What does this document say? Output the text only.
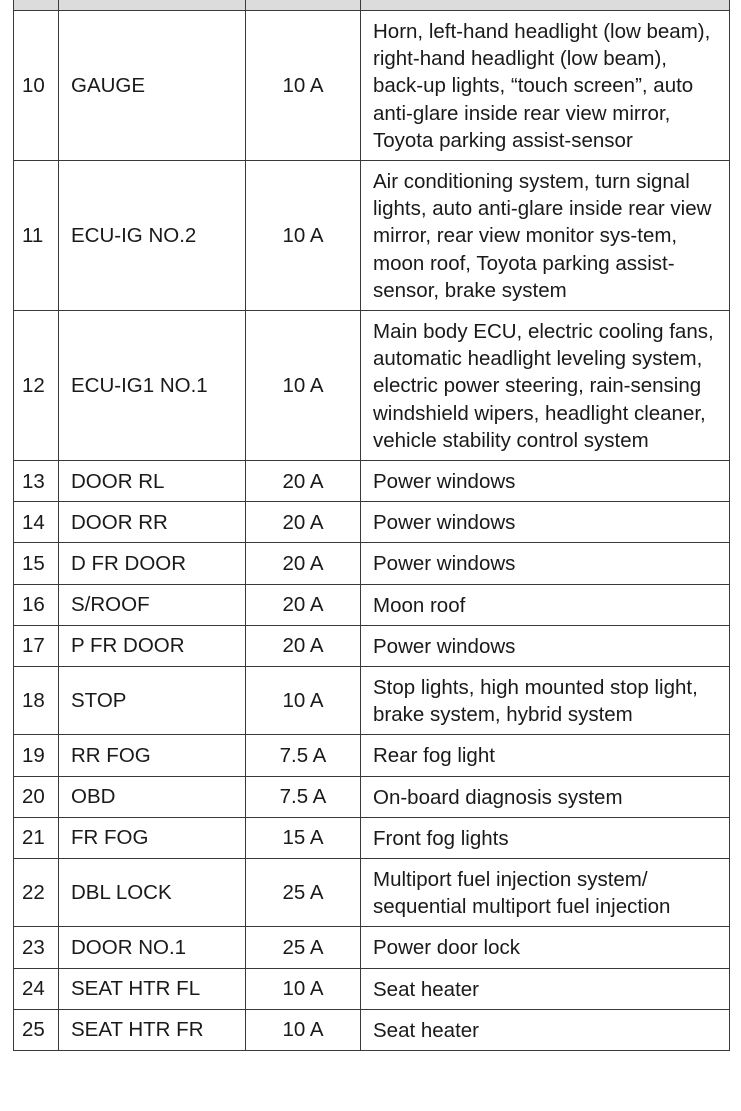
10	GAUGE	10 A	Horn, left-hand headlight (low beam), right-hand headlight (low beam), back-up lights, “touch screen”, auto anti-glare inside rear view mirror, Toyota parking assist-sensor
11	ECU-IG NO.2	10 A	Air conditioning system, turn signal lights, auto anti-glare inside rear view mirror, rear view monitor sys-tem, moon roof, Toyota parking assist-sensor, brake system
12	ECU-IG1 NO.1	10 A	Main body ECU, electric cooling fans, automatic headlight leveling system, electric power steering, rain-sensing windshield wipers, headlight cleaner, vehicle stability control system
13	DOOR RL	20 A	Power windows
14	DOOR RR	20 A	Power windows
15	D FR DOOR	20 A	Power windows
16	S/ROOF	20 A	Moon roof
17	P FR DOOR	20 A	Power windows
18	STOP	10 A	Stop lights, high mounted stop light, brake system, hybrid system
19	RR FOG	7.5 A	Rear fog light
20	OBD	7.5 A	On-board diagnosis system
21	FR FOG	15 A	Front fog lights
22	DBL LOCK	25 A	Multiport fuel injection system/ sequential multiport fuel injection
23	DOOR NO.1	25 A	Power door lock
24	SEAT HTR FL	10 A	Seat heater
25	SEAT HTR FR	10 A	Seat heater
